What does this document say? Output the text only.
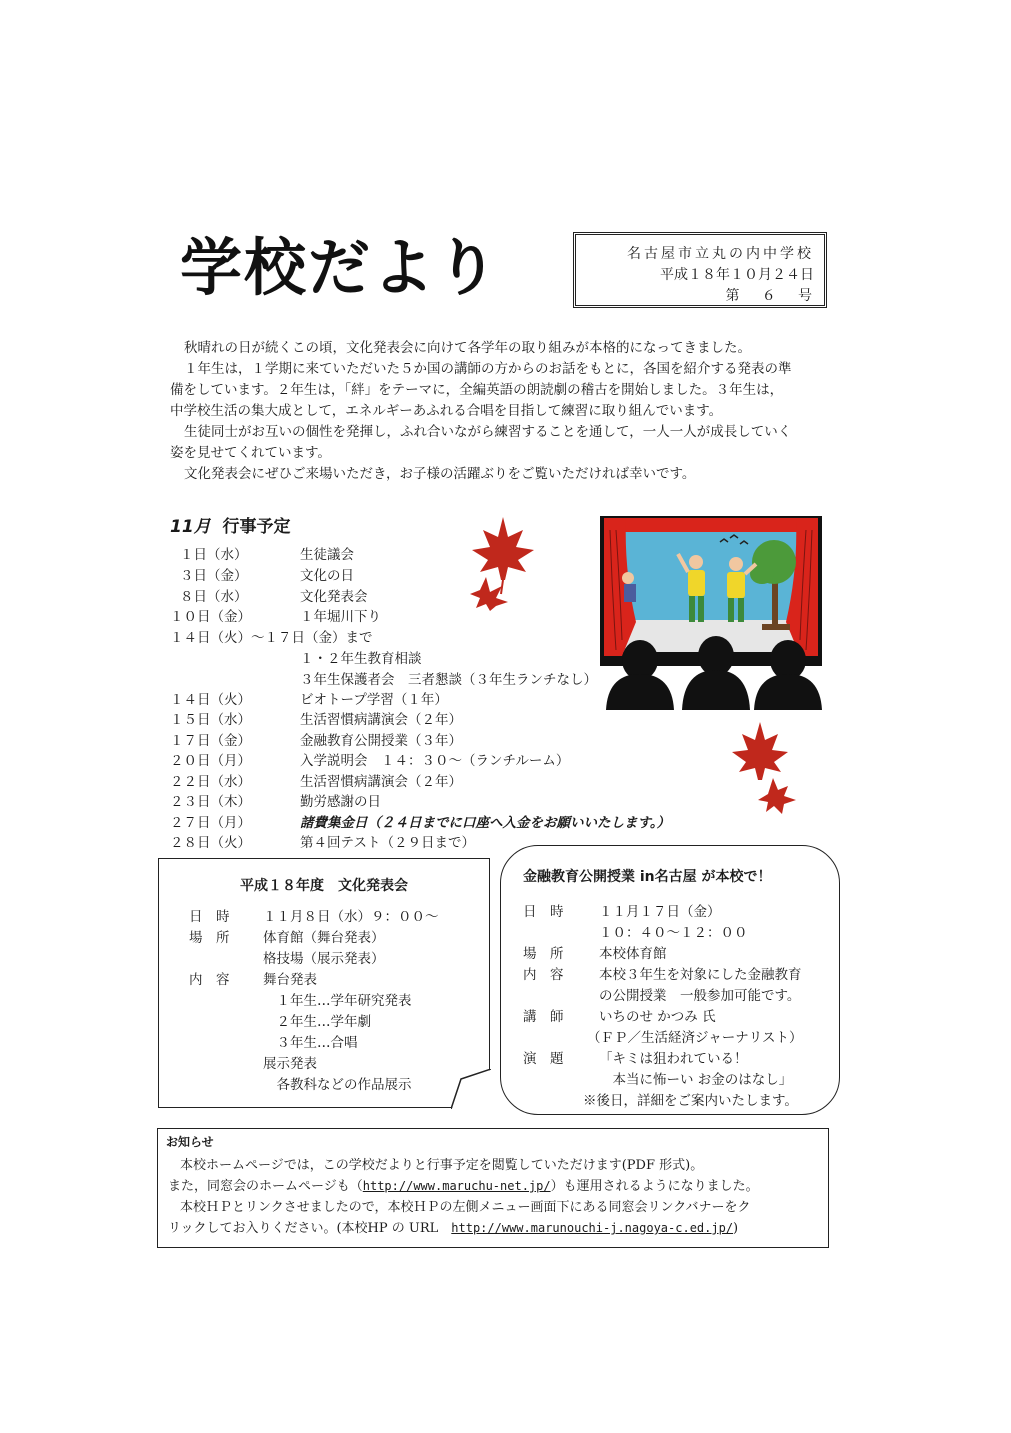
学校だより	名古屋市立丸の内中学校
平成１８年１０月２４日
第 ６ 号

秋晴れの日が続くこの頃，文化発表会に向けて各学年の取り組みが本格的になってきました。

１年生は，１学期に来ていただいた５か国の講師の方からのお話をもとに，各国を紹介する発表の準

備をしています。２年生は，「絆」をテーマに，全編英語の朗読劇の稽古を開始しました。３年生は，

中学校生活の集大成として，エネルギーあふれる合唱を目指して練習に取り組んでいます。

生徒同士がお互いの個性を発揮し，ふれ合いながら練習することを通して，一人一人が成長していく

姿を見せてくれています。

文化発表会にぜひご来場いただき，お子様の活躍ぶりをご覧いただければ幸いです。

11月 行事予定
１日（水）	生徒議会
３日（金）	文化の日
８日（水）	文化発表会
１０日（金）	１年堀川下り
１４日（火）～１７日（金）まで
１・２年生教育相談
３年生保護者会　三者懇談（３年生ランチなし）
１４日（火）	ビオトープ学習（１年）
１５日（水）	生活習慣病講演会（２年）
１７日（金）	金融教育公開授業（３年）
２０日（月）	入学説明会　１４：３０～（ランチルーム）
２２日（水）	生活習慣病講演会（２年）
２３日（木）	勤労感謝の日
２７日（月）	諸費集金日（２４日までに口座へ入金をお願いいたします。）
２８日（火）	第４回テスト（２９日まで）
平成１８年度　文化発表会
日　時 １１月８日（水）９：００～
場　所 体育館（舞台発表）
格技場（展示発表）
内　容 舞台発表
　１年生…学年研究発表
　２年生…学年劇
　３年生…合唱
展示発表
　各教科などの作品展示
金融教育公開授業 in名古屋 が本校で！
日　時	１１月１７日（金）
１０：４０～１２：００
場　所	本校体育館
内　容	本校３年生を対象にした金融教育
の公開授業　一般参加可能です。
講　師	いちのせ かつみ 氏
（ＦＰ／生活経済ジャーナリスト）
演　題	「キミは狙われている！
　本当に怖ーい お金のはなし」
※後日，詳細をご案内いたします。
お知らせ
本校ホームページでは，この学校だよりと行事予定を閲覧していただけます(PDF 形式)。
また，同窓会のホームページも（http://www.maruchu-net.jp/）も運用されるようになりました。
本校ＨＰとリンクさせましたので，本校ＨＰの左側メニュー画面下にある同窓会リンクバナーをク
リックしてお入りください。(本校HP の URL　http://www.marunouchi-j.nagoya-c.ed.jp/)
